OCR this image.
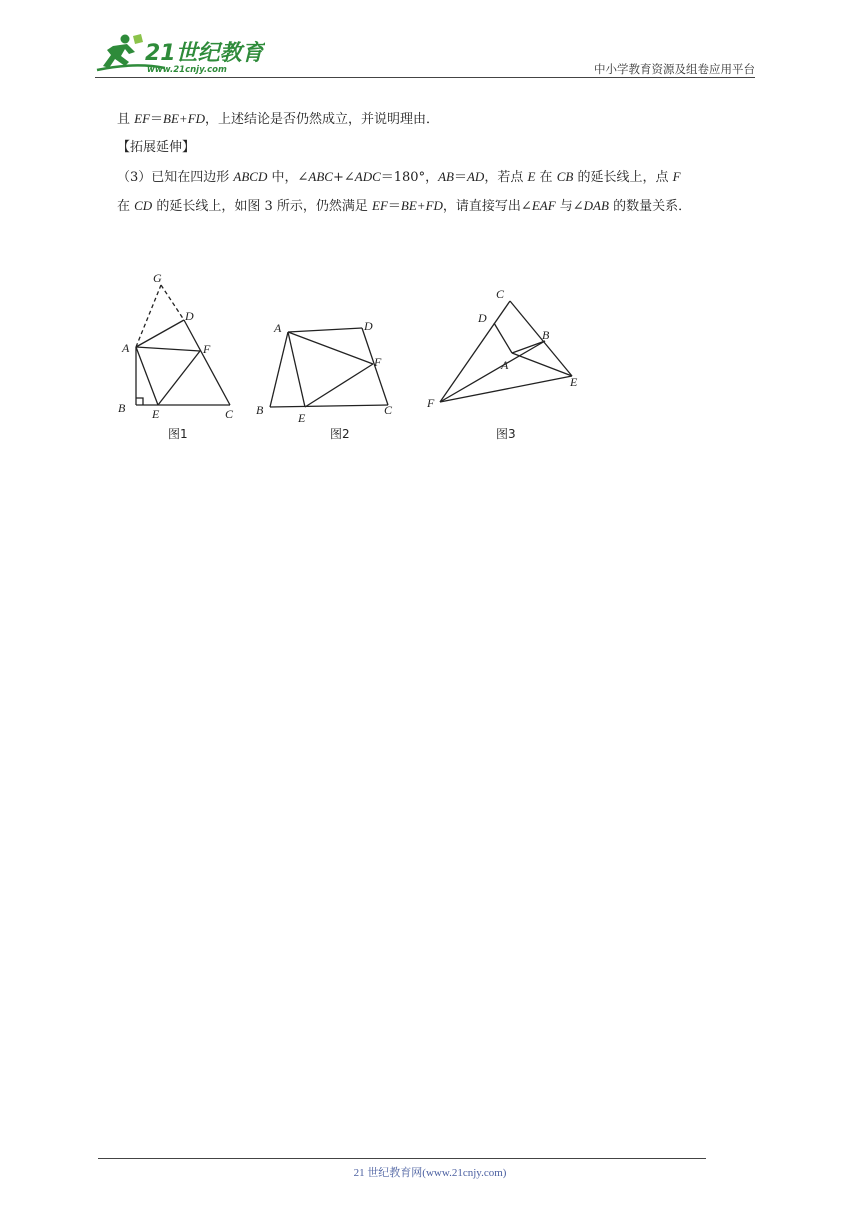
21世纪教育
www.21cnjy.com	中小学教育资源及组卷应用平台

且 EF＝BE+FD，上述结论是否仍然成立，并说明理由．

【拓展延伸】

（3）已知在四边形 ABCD 中，∠ABC+∠ADC＝180°，AB＝AD，若点 E 在 CB 的延长线上，点 F

在 CD 的延长线上，如图 3 所示，仍然满足 EF＝BE+FD，请直接写出∠EAF 与∠DAB 的数量关系．

G
D
A	F
B E	C
A	D
F
B
E
C
C
D
B
A
E
F
图1	图2	图3
21 世纪教育网(www.21cnjy.com)
